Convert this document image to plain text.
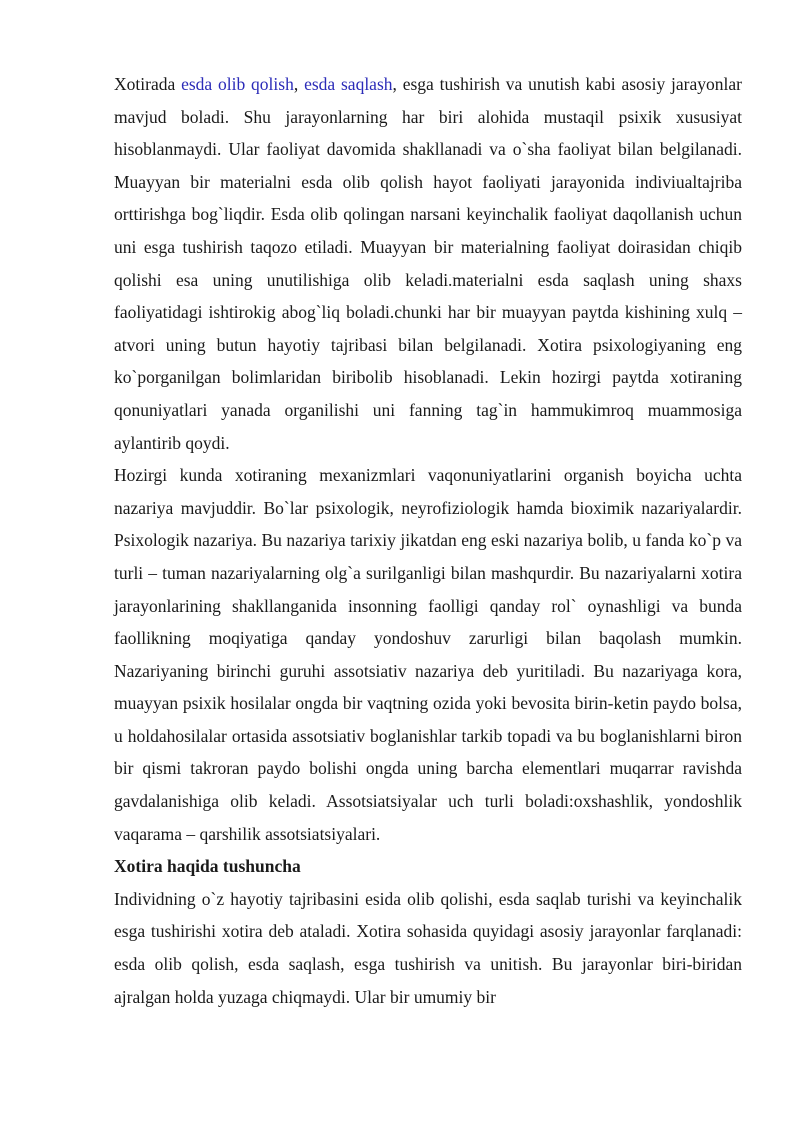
Xotirada esda olib qolish, esda saqlash, esga tushirish va unutish kabi asosiy jarayonlar mavjud boladi. Shu jarayonlarning har biri alohida mustaqil psixik xususiyat hisoblanmaydi. Ular faoliyat davomida shakllanadi va o`sha faoliyat bilan belgilanadi. Muayyan bir materialni esda olib qolish hayot faoliyati jarayonida indiviualtajriba orttirishga bog`liqdir. Esda olib qolingan narsani keyinchalik faoliyat daqollanish uchun uni esga tushirish taqozo etiladi. Muayyan bir materialning faoliyat doirasidan chiqib qolishi esa uning unutilishiga olib keladi.materialni esda saqlash uning shaxs faoliyatidagi ishtirokig abog`liq boladi.chunki har bir muayyan paytda kishining xulq – atvori uning butun hayotiy tajribasi bilan belgilanadi. Xotira psixologiyaning eng ko`porganilgan bolimlaridan biribolib hisoblanadi. Lekin hozirgi paytda xotiraning qonuniyatlari yanada organilishi uni fanning tag`in hammukimroq muammosiga aylantirib qoydi.

Hozirgi kunda xotiraning mexanizmlari vaqonuniyatlarini organish boyicha uchta nazariya mavjuddir. Bo`lar psixologik, neyrofiziologik hamda bioximik nazariyalardir. Psixologik nazariya. Bu nazariya tarixiy jikatdan eng eski nazariya bolib, u fanda ko`p va turli – tuman nazariyalarning olg`a surilganligi bilan mashqurdir. Bu nazariyalarni xotira jarayonlarining shakllanganida insonning faolligi qanday rol` oynashligi va bunda faollikning moqiyatiga qanday yondoshuv zarurligi bilan baqolash mumkin. Nazariyaning birinchi guruhi assotsiativ nazariya deb yuritiladi. Bu nazariyaga kora, muayyan psixik hosilalar ongda bir vaqtning ozida yoki bevosita birin-ketin paydo bolsa, u holdahosilalar ortasida assotsiativ boglanishlar tarkib topadi va bu boglanishlarni biron bir qismi takroran paydo bolishi ongda uning barcha elementlari muqarrar ravishda gavdalanishiga olib keladi. Assotsiatsiyalar uch turli boladi:oxshashlik, yondoshlik vaqarama – qarshilik assotsiatsiyalari.

Xotira haqida tushuncha

Individning o`z hayotiy tajribasini esida olib qolishi, esda saqlab turishi va keyinchalik esga tushirishi xotira deb ataladi. Xotira sohasida quyidagi asosiy jarayonlar farqlanadi: esda olib qolish, esda saqlash, esga tushirish va unitish. Bu jarayonlar biri-biridan ajralgan holda yuzaga chiqmaydi. Ular bir umumiy bir
